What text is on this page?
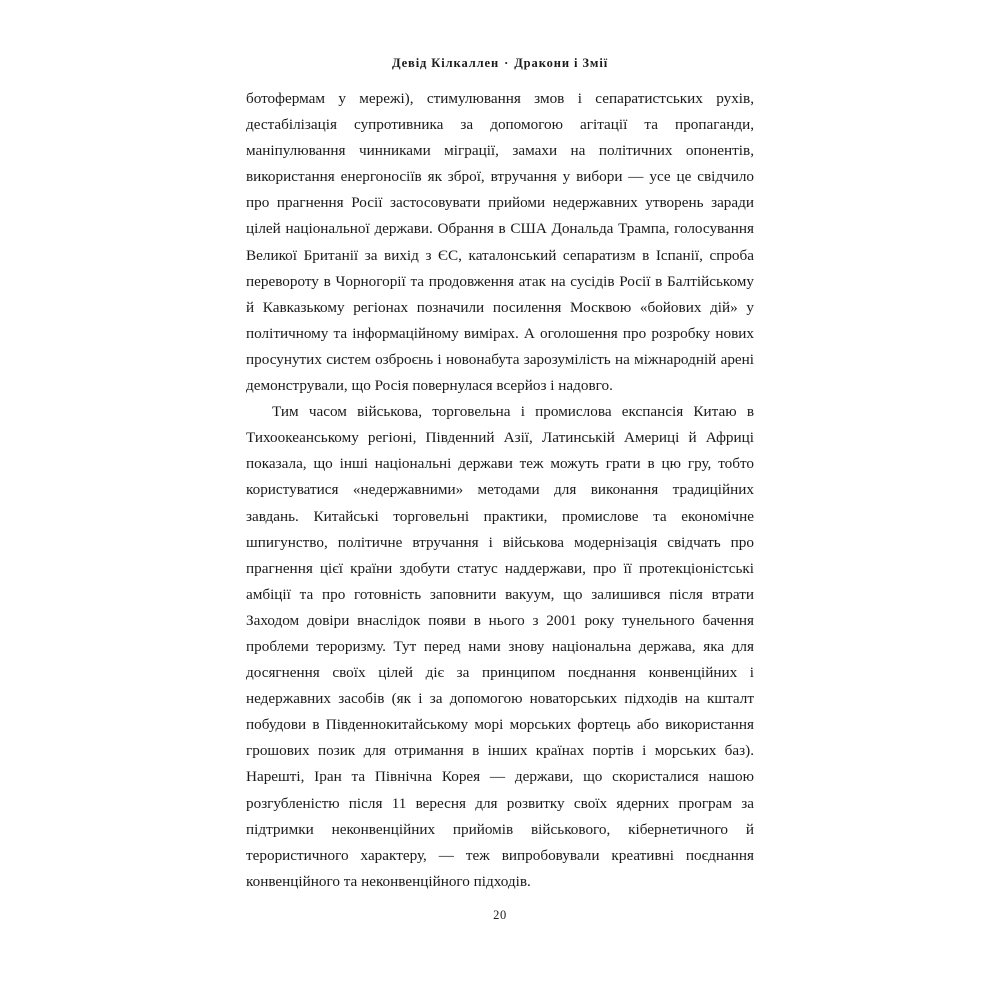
Девід Кілкаллен · Дракони і Змії

ботофермам у мережі), стимулювання змов і сепаратистських рухів, дестабілізація супротивника за допомогою агітації та пропаганди, маніпулювання чинниками міграції, замахи на політичних опонентів, використання енергоносіїв як зброї, втручання у вибори — усе це свідчило про прагнення Росії застосовувати прийоми недержавних утворень заради цілей національної держави. Обрання в США Дональда Трампа, голосування Великої Британії за вихід з ЄС, каталонський сепаратизм в Іспанії, спроба перевороту в Чорногорії та продовження атак на сусідів Росії в Балтійському й Кавказькому регіонах позначили посилення Москвою «бойових дій» у політичному та інформаційному вимірах. А оголошення про розробку нових просунутих систем озброєнь і новонабута зарозумілість на міжнародній арені демонстрували, що Росія повернулася всерйоз і надовго.

Тим часом військова, торговельна і промислова експансія Китаю в Тихоокеанському регіоні, Південний Азії, Латинській Америці й Африці показала, що інші національні держави теж можуть грати в цю гру, тобто користуватися «недержавними» методами для виконання традиційних завдань. Китайські торговельні практики, промислове та економічне шпигунство, політичне втручання і військова модернізація свідчать про прагнення цієї країни здобути статус наддержави, про її протекціоністські амбіції та про готовність заповнити вакуум, що залишився після втрати Заходом довіри внаслідок появи в нього з 2001 року тунельного бачення проблеми тероризму. Тут перед нами знову національна держава, яка для досягнення своїх цілей діє за принципом поєднання конвенційних і недержавних засобів (як і за допомогою новаторських підходів на кшталт побудови в Південнокитайському морі морських фортець або використання грошових позик для отримання в інших країнах портів і морських баз). Нарешті, Іран та Північна Корея — держави, що скористалися нашою розгубленістю після 11 вересня для розвитку своїх ядерних програм за підтримки неконвенційних прийомів військового, кібернетичного й терористичного характеру, — теж випробовували креативні поєднання конвенційного та неконвенційного підходів.

20
